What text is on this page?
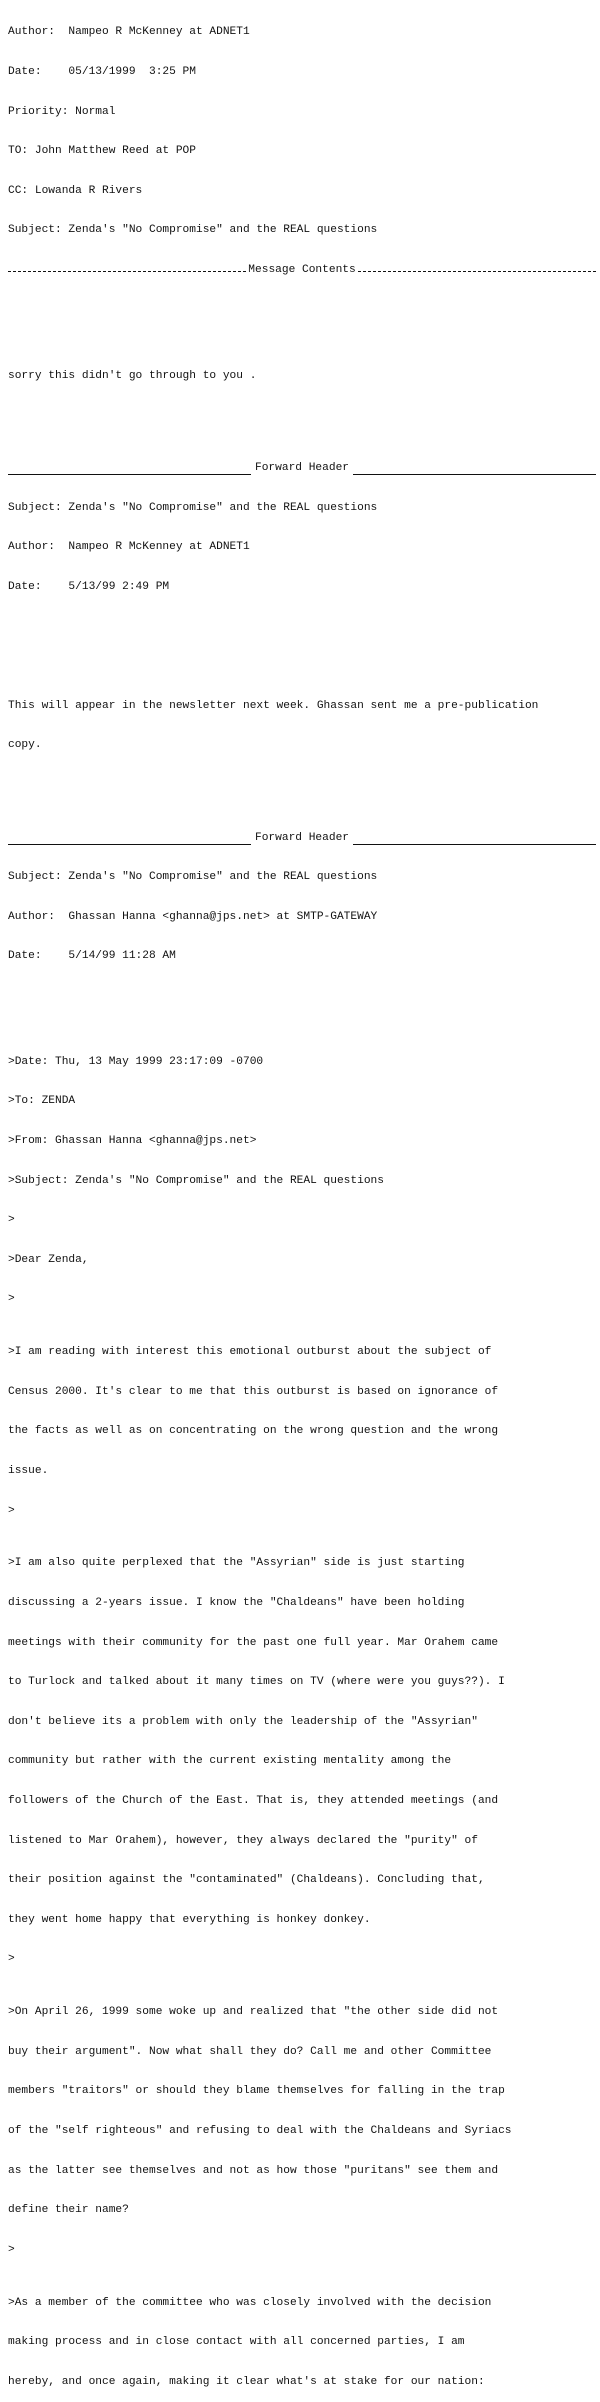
Author:  Nampeo R McKenney at ADNET1

Date:    05/13/1999  3:25 PM

Priority: Normal

TO: John Matthew Reed at POP

CC: Lowanda R Rivers

Subject: Zenda's "No Compromise" and the REAL questions

Message Contents

sorry this didn't go through to you .

Forward Header

Subject: Zenda's "No Compromise" and the REAL questions

Author:  Nampeo R McKenney at ADNET1

Date:    5/13/99 2:49 PM

This will appear in the newsletter next week. Ghassan sent me a pre-publication

copy.

Forward Header

Subject: Zenda's "No Compromise" and the REAL questions

Author:  Ghassan Hanna <ghanna@jps.net> at SMTP-GATEWAY

Date:    5/14/99 11:28 AM

>Date: Thu, 13 May 1999 23:17:09 -0700

>To: ZENDA

>From: Ghassan Hanna <ghanna@jps.net>

>Subject: Zenda's "No Compromise" and the REAL questions

>

>Dear Zenda,

>

>I am reading with interest this emotional outburst about the subject of

Census 2000. It's clear to me that this outburst is based on ignorance of

the facts as well as on concentrating on the wrong question and the wrong

issue.

>

>I am also quite perplexed that the "Assyrian" side is just starting

discussing a 2-years issue. I know the "Chaldeans" have been holding

meetings with their community for the past one full year. Mar Orahem came

to Turlock and talked about it many times on TV (where were you guys??). I

don't believe its a problem with only the leadership of the "Assyrian"

community but rather with the current existing mentality among the

followers of the Church of the East. That is, they attended meetings (and

listened to Mar Orahem), however, they always declared the "purity" of

their position against the "contaminated" (Chaldeans). Concluding that,

they went home happy that everything is honkey donkey.

>

>On April 26, 1999 some woke up and realized that "the other side did not

buy their argument". Now what shall they do? Call me and other Committee

members "traitors" or should they blame themselves for falling in the trap

of the "self righteous" and refusing to deal with the Chaldeans and Syriacs

as the latter see themselves and not as how those "puritans" see them and

define their name?

>

>As a member of the committee who was closely involved with the decision

making process and in close contact with all concerned parties, I am

hereby, and once again, making it clear what's at stake for our nation:
